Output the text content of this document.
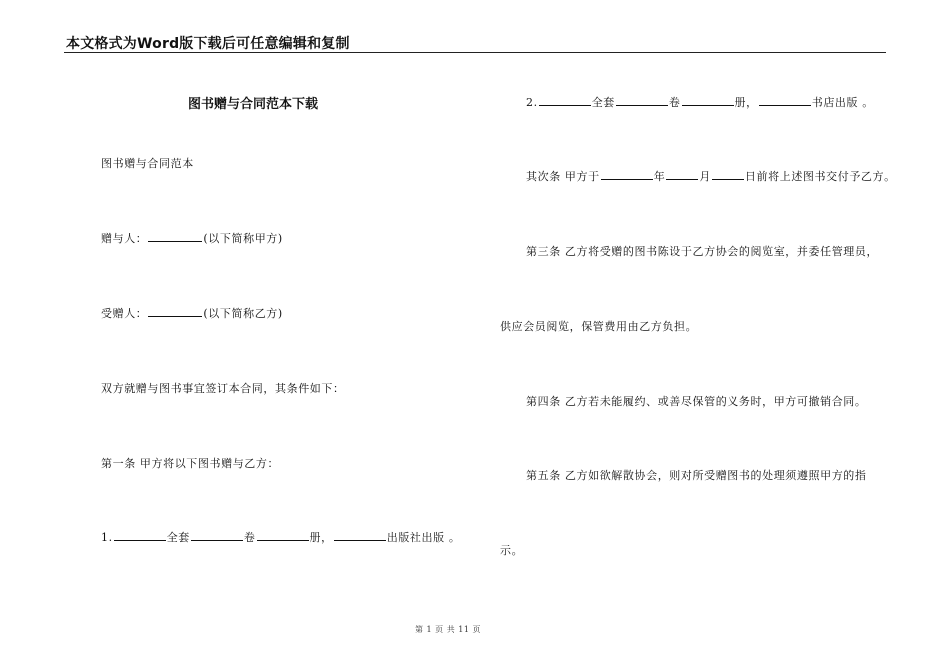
本文格式为Word版下载后可任意编辑和复制
图书赠与合同范本下载
图书赠与合同范本
赠与人：	(以下简称甲方)
受赠人：	(以下简称乙方)
双方就赠与图书事宜签订本合同，其条件如下：
第一条 甲方将以下图书赠与乙方：
1.	全套	卷	册，	出版社出版 。
2.	全套	卷	册，	书店出版 。
其次条 甲方于	年	月	日前将上述图书交付予乙方。
第三条 乙方将受赠的图书陈设于乙方协会的阅览室，并委任管理员，
供应会员阅览，保管费用由乙方负担。
第四条 乙方若未能履约、或善尽保管的义务时，甲方可撤销合同。
第五条 乙方如欲解散协会，则对所受赠图书的处理须遵照甲方的指
示。
第 1 页 共 11 页
